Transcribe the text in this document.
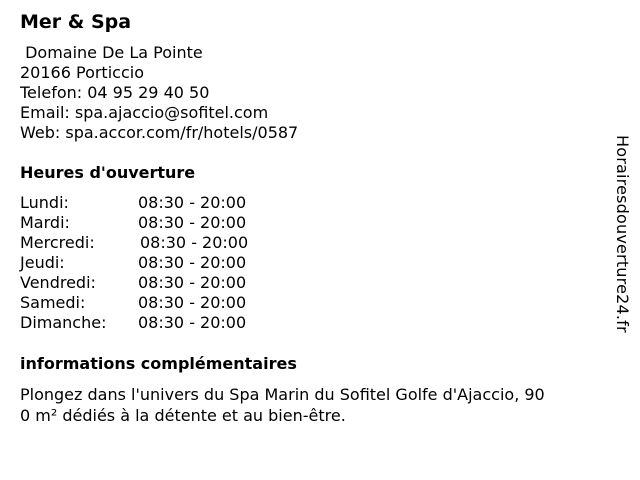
Mer & Spa
Domaine De La Pointe
20166 Porticcio
Telefon: 04 95 29 40 50
Email: spa.ajaccio@sofitel.com
Web: spa.accor.com/fr/hotels/0587
Heures d'ouverture
Lundi:	08:30 - 20:00
Mardi:	08:30 - 20:00
Mercredi:	08:30 - 20:00
Jeudi:	08:30 - 20:00
Vendredi:	08:30 - 20:00
Samedi:	08:30 - 20:00
Dimanche:	08:30 - 20:00
informations complémentaires
Plongez dans l'univers du Spa Marin du Sofitel Golfe d'Ajaccio, 900 m² dédiés à la détente et au bien-être.
Horairesdouverture24.fr
